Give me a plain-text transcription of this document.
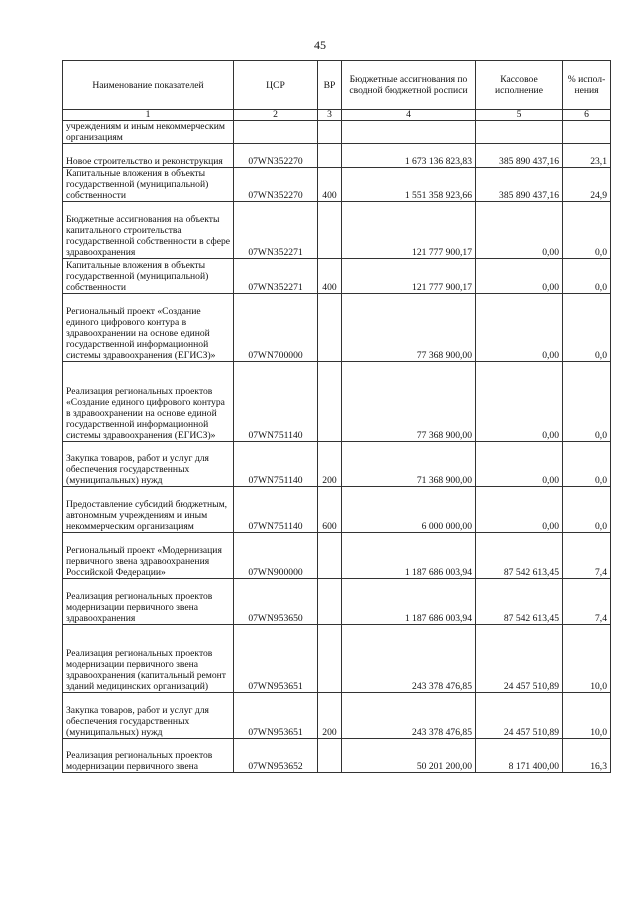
45
Наименование показателей	ЦСР	ВР	Бюджетные ассигнования по сводной бюджетной росписи	Кассовое исполнение	% испол-нения
1	2	3	4	5	6
учреждениям и иным некоммерческим организациям					
Новое строительство и реконструкция	07WN352270		1 673 136 823,83	385 890 437,16	23,1
Капитальные вложения в объекты государственной (муниципальной) собственности	07WN352270	400	1 551 358 923,66	385 890 437,16	24,9
Бюджетные ассигнования на объекты капитального строительства государственной собственности в сфере здравоохранения	07WN352271		121 777 900,17	0,00	0,0
Капитальные вложения в объекты государственной (муниципальной) собственности	07WN352271	400	121 777 900,17	0,00	0,0
Региональный проект «Создание единого цифрового контура в здравоохранении на основе единой государственной информационной системы здравоохранения (ЕГИСЗ)»	07WN700000		77 368 900,00	0,00	0,0
Реализация региональных проектов «Создание единого цифрового контура в здравоохранении на основе единой государственной информационной системы здравоохранения (ЕГИСЗ)»	07WN751140		77 368 900,00	0,00	0,0
Закупка товаров, работ и услуг для обеспечения государственных (муниципальных) нужд	07WN751140	200	71 368 900,00	0,00	0,0
Предоставление субсидий бюджетным, автономным учреждениям и иным некоммерческим организациям	07WN751140	600	6 000 000,00	0,00	0,0
Региональный проект «Модернизация первичного звена здравоохранения Российской Федерации»	07WN900000		1 187 686 003,94	87 542 613,45	7,4
Реализация региональных проектов модернизации первичного звена здравоохранения	07WN953650		1 187 686 003,94	87 542 613,45	7,4
Реализация региональных проектов модернизации первичного звена здравоохранения (капитальный ремонт зданий медицинских организаций)	07WN953651		243 378 476,85	24 457 510,89	10,0
Закупка товаров, работ и услуг для обеспечения государственных (муниципальных) нужд	07WN953651	200	243 378 476,85	24 457 510,89	10,0
Реализация региональных проектов модернизации первичного звена	07WN953652		50 201 200,00	8 171 400,00	16,3
